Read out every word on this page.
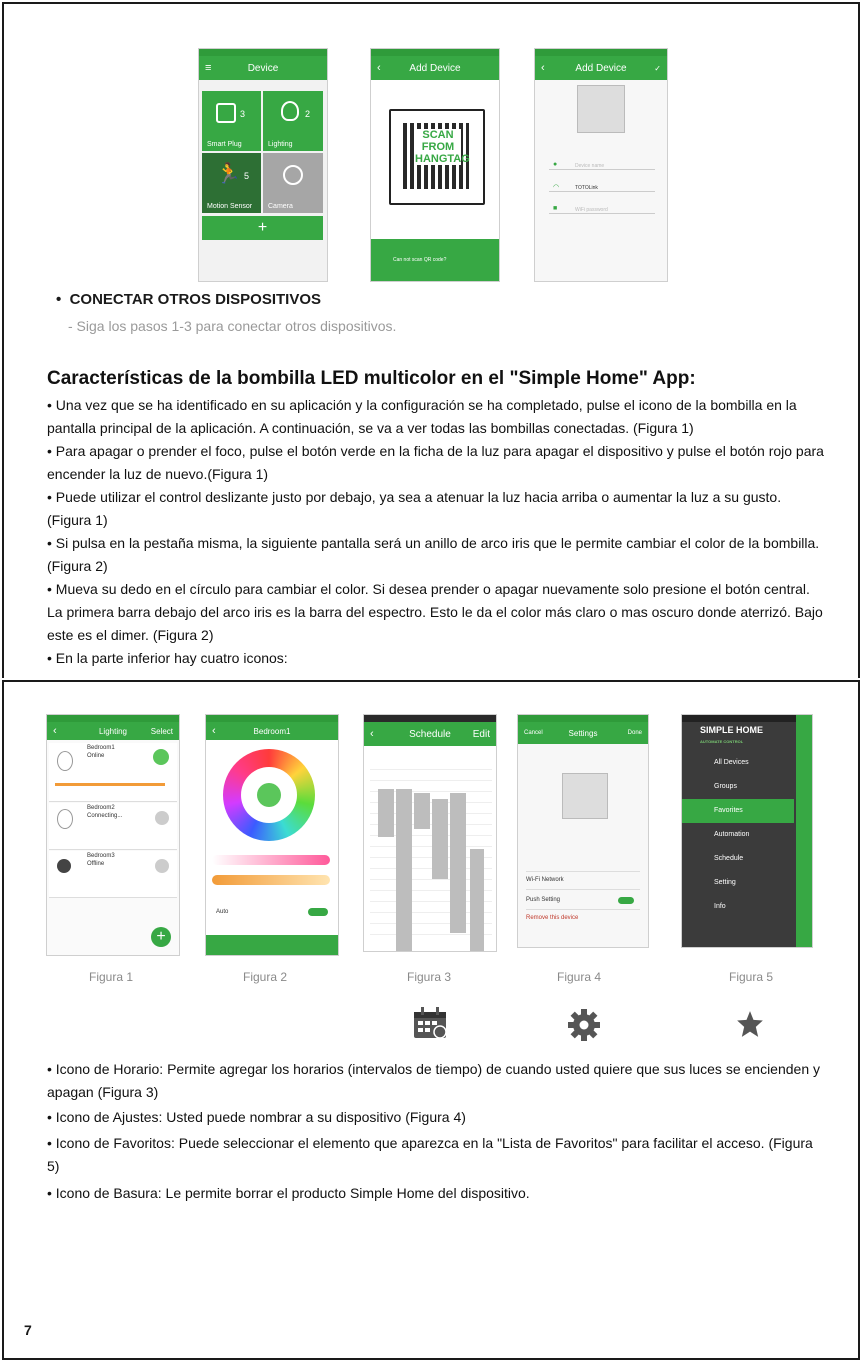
≡	Device
3
Smart Plug
2
Lighting
🏃 5
Motion Sensor Camera
+
‹	Add Device
SCAN FROM HANGTAG
Can not scan QR code?
‹	Add Device	✓
Device name
TOTOLink
WiFi password
●
◠
■
•  CONECTAR OTROS DISPOSITIVOS
- Siga los pasos 1-3 para conectar otros dispositivos.
Características de la bombilla LED multicolor en el "Simple Home" App:
• Una vez que se ha identificado en su aplicación y la configuración se ha completado, pulse el icono de la bombilla en la pantalla principal de la aplicación. A continuación, se va a ver todas las bombillas conectadas. (Figura 1)
• Para apagar o prender el foco, pulse el botón verde en la ficha de la luz para apagar el dispositivo y pulse el botón rojo para encender la luz de nuevo.(Figura 1)
• Puede utilizar el control deslizante justo por debajo, ya sea a atenuar la luz hacia arriba o aumentar la luz a su gusto. (Figura 1)
• Si pulsa en la pestaña misma, la siguiente pantalla será un anillo de arco iris que le permite cambiar el color de la bombilla. (Figura 2)
• Mueva su dedo en el círculo para cambiar el color. Si desea prender o apagar nuevamente solo presione el botón central. La primera barra debajo del arco iris es la barra del espectro. Esto le da el color más claro o mas oscuro donde aterrizó. Bajo este es el dimer. (Figura 2)
• En la parte inferior hay cuatro iconos:
‹	Lighting	Select
Bedroom1
Online
Bedroom2
Connecting...
Bedroom3
Offline
+
‹	Bedroom1
Auto
‹	Schedule Edit	Cancel	Settings	Done
Wi-Fi Network
Push Setting
Remove this device
SIMPLE HOME
AUTOMATE CONTROL
All Devices
Groups
Favorites
Automation
Schedule
Setting
Info
Figura 1	Figura 2	Figura 3	Figura 4	Figura 5
• Icono de Horario: Permite agregar los horarios (intervalos de tiempo) de cuando usted quiere que sus luces se encienden y apagan (Figura 3)
• Icono de Ajustes: Usted puede nombrar a su dispositivo (Figura 4)
• Icono de Favoritos: Puede seleccionar el elemento que aparezca en la "Lista de Favoritos" para facilitar el acceso. (Figura 5)
• Icono de Basura: Le permite borrar el producto Simple Home del dispositivo.
7
